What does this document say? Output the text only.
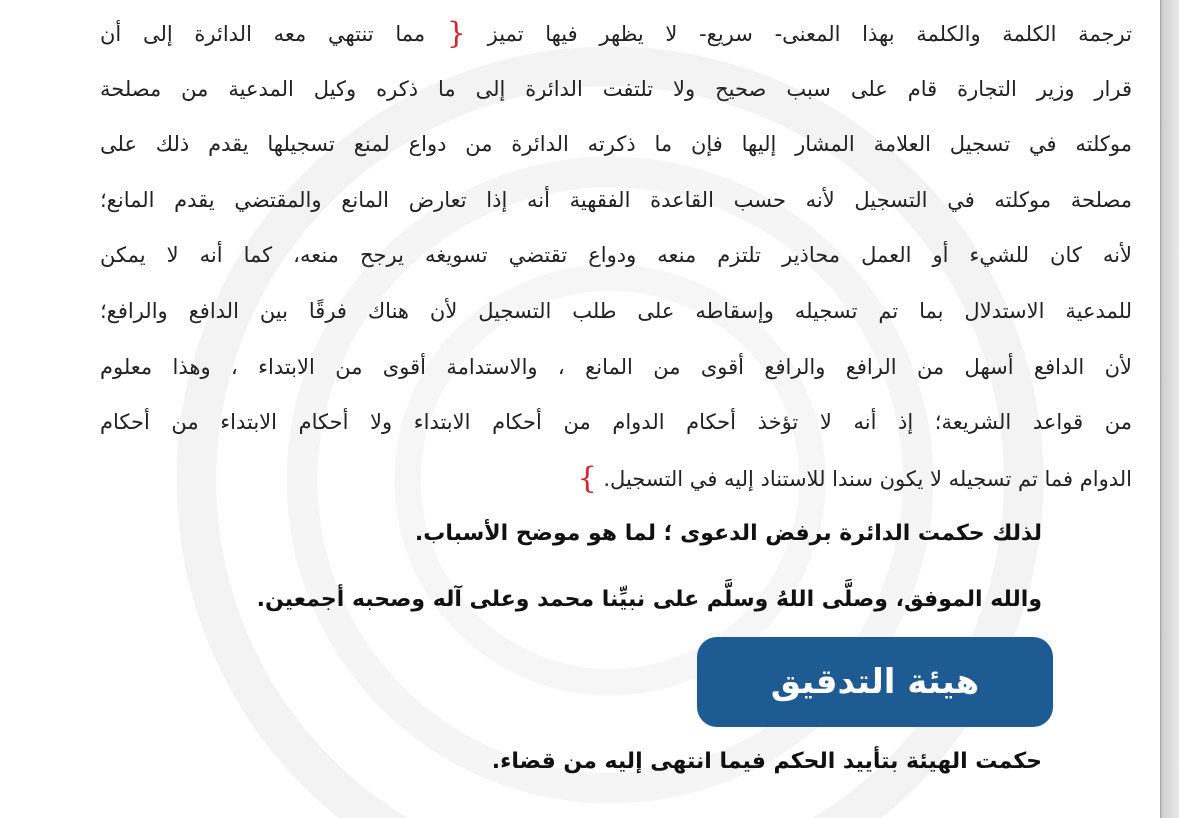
ترجمة الكلمة والكلمة بهذا المعنى- سريع- لا يظهر فيها تميز { مما تنتهي معه الدائرة إلى أن
قرار وزير التجارة قام على سبب صحيح ولا تلتفت الدائرة إلى ما ذكره وكيل المدعية من مصلحة
موكلته في تسجيل العلامة المشار إليها فإن ما ذكرته الدائرة من دواع لمنع تسجيلها يقدم ذلك على
مصلحة موكلته في التسجيل لأنه حسب القاعدة الفقهية أنه إذا تعارض المانع والمقتضي يقدم المانع؛
لأنه كان للشيء أو العمل محاذير تلتزم منعه ودواع تقتضي تسويغه يرجح منعه، كما أنه لا يمكن
للمدعية الاستدلال بما تم تسجيله وإسقاطه على طلب التسجيل لأن هناك فرقًا بين الدافع والرافع؛
لأن الدافع أسهل من الرافع والرافع أقوى من المانع ، والاستدامة أقوى من الابتداء ، وهذا معلوم
من قواعد الشريعة؛ إذ أنه لا تؤخذ أحكام الدوام من أحكام الابتداء ولا أحكام الابتداء من أحكام
الدوام فما تم تسجيله لا يكون سندا للاستناد إليه في التسجيل. }
لذلك حكمت الدائرة برفض الدعوى ؛ لما هو موضح الأسباب.
والله الموفق، وصلَّى اللهُ وسلَّم على نبيِّنا محمد وعلى آله وصحبه أجمعين.
هيئة التدقيق
حكمت الهيئة بتأييد الحكم فيما انتهى إليه من قضاء.
